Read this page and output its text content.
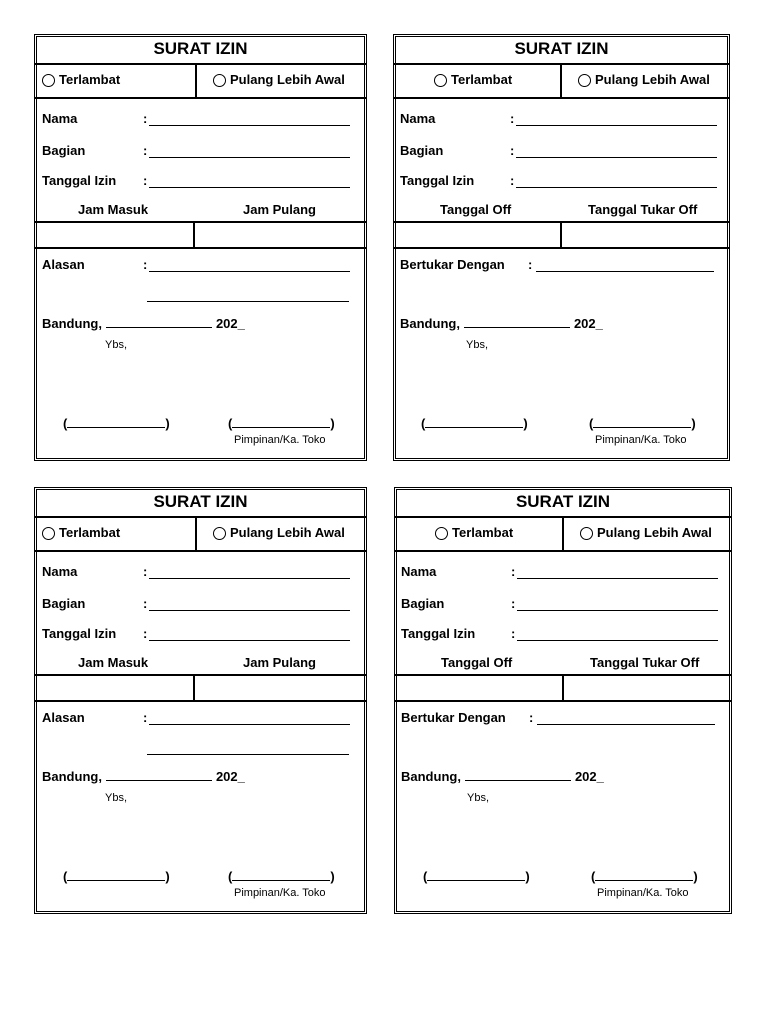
SURAT IZIN
Terlambat	Pulang Lebih Awal
Nama	:
Bagian	:
Tanggal Izin :
Jam Masuk	Jam Pulang
Alasan	:
Bandung,	202_
Ybs,
(	)	(	)
Pimpinan/Ka. Toko
SURAT IZIN
Terlambat	Pulang Lebih Awal
Nama	:
Bagian	:
Tanggal Izin	:
Tanggal Off	Tanggal Tukar Off
Bertukar Dengan :
Bandung,	202_
Ybs,
(	)	(	)
Pimpinan/Ka. Toko
SURAT IZIN
Terlambat	Pulang Lebih Awal
Nama	:
Bagian	:
Tanggal Izin :
Jam Masuk	Jam Pulang
Alasan	:
Bandung,	202_
Ybs,
(	)	(	)
Pimpinan/Ka. Toko
SURAT IZIN
Terlambat	Pulang Lebih Awal
Nama	:
Bagian	:
Tanggal Izin	:
Tanggal Off	Tanggal Tukar Off
Bertukar Dengan :
Bandung,	202_
Ybs,
(	)	(	)
Pimpinan/Ka. Toko
